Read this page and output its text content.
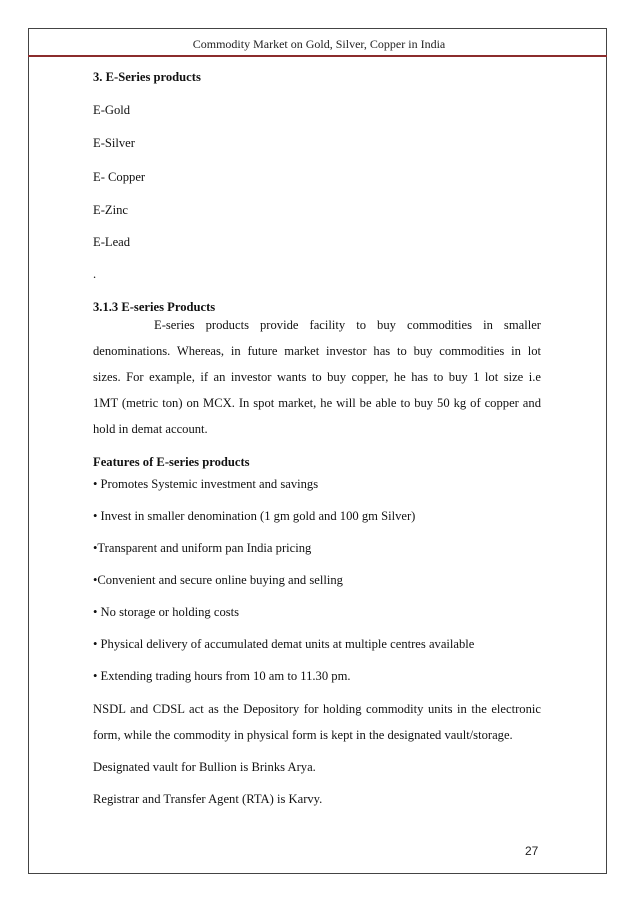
Commodity Market on Gold, Silver, Copper in India
3. E-Series products
E-Gold
E-Silver
E- Copper
E-Zinc
E-Lead
.
3.1.3 E-series Products
E-series products provide facility to buy commodities in smaller
denominations. Whereas, in future market investor has to buy commodities in lot
sizes. For example, if an investor wants to buy copper, he has to buy 1 lot size i.e
1MT (metric ton) on MCX. In spot market, he will be able to buy 50 kg of copper and
hold in demat account.
Features of E-series products
• Promotes Systemic investment and savings
• Invest in smaller denomination (1 gm gold and 100 gm Silver)
•Transparent and uniform pan India pricing
•Convenient and secure online buying and selling
• No storage or holding costs
• Physical delivery of accumulated demat units at multiple centres available
• Extending trading hours from 10 am to 11.30 pm.
NSDL and CDSL act as the Depository for holding commodity units in the electronic
form, while the commodity in physical form is kept in the designated vault/storage.
Designated vault for Bullion is Brinks Arya.
Registrar and Transfer Agent (RTA) is Karvy.
27
